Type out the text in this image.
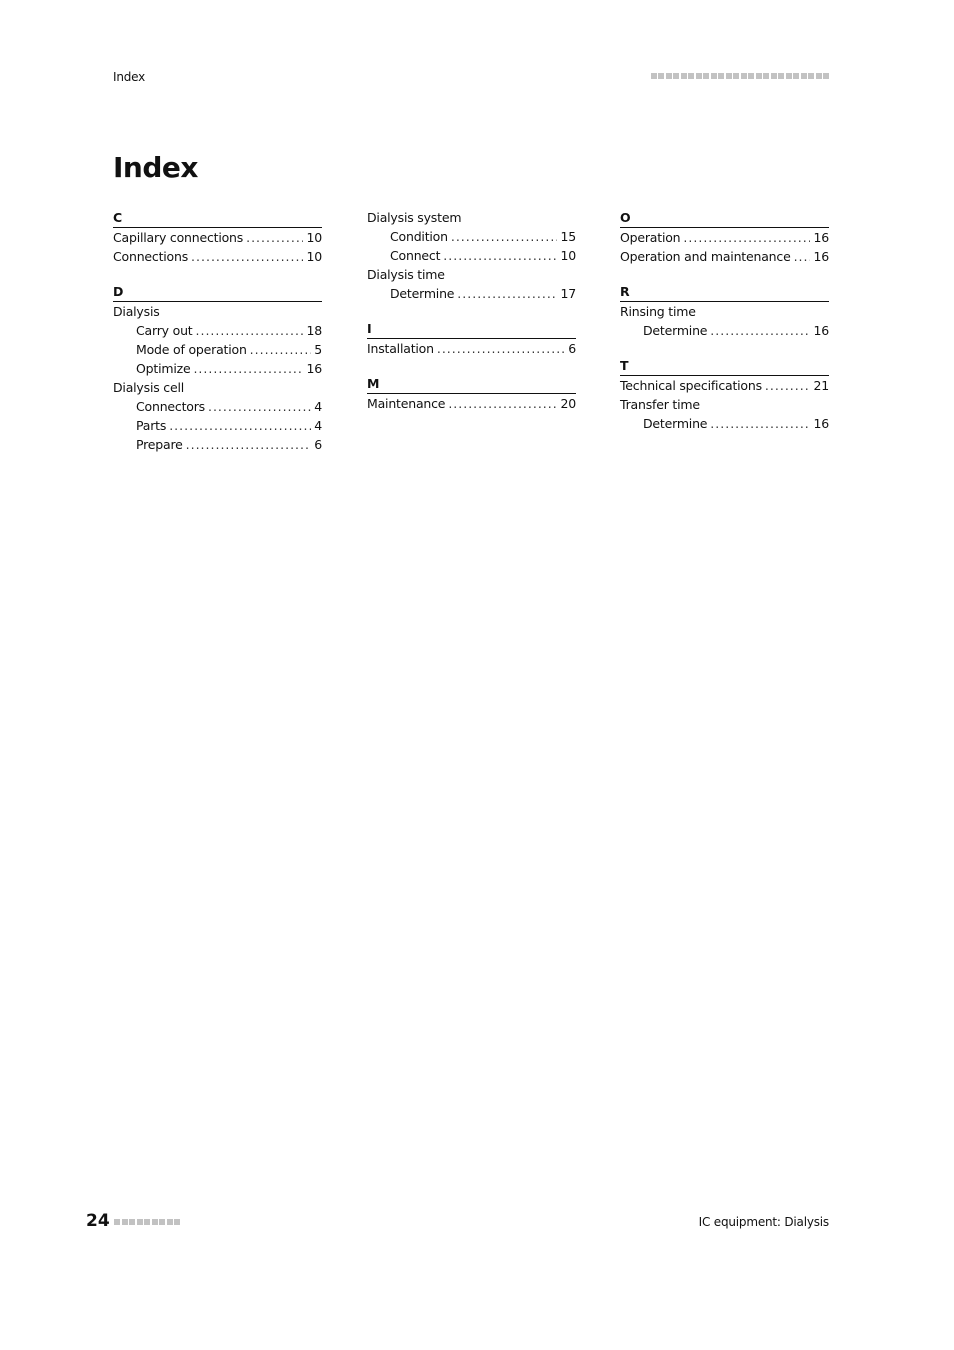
Index
Index
C
Capillary connections .....	10
Connections .....	10
D
Dialysis
Carry out .....	18
Mode of operation .....	5
Optimize .....	16
Dialysis cell
Connectors .....	4
Parts .....	4
Prepare .....	6
Dialysis system
Condition .....	15
Connect .....	10
Dialysis time
Determine .....	17
I
Installation .....	6
M
Maintenance .....	20
O
Operation .....	16
Operation and maintenance ..... 16
R
Rinsing time
Determine .....	16
T
Technical specifications .....	21
Transfer time
Determine .....	16
24	IC equipment: Dialysis
